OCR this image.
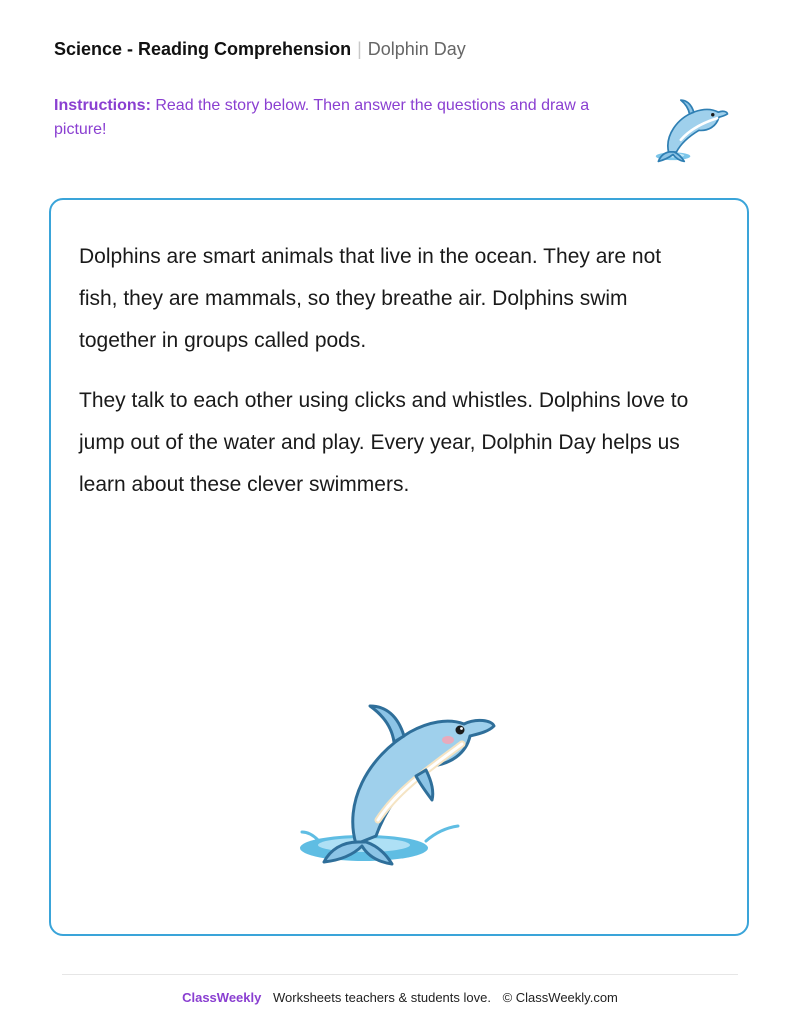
Science - Reading Comprehension | Dolphin Day
Instructions: Read the story below. Then answer the questions and draw a picture!

Dolphins are smart animals that live in the ocean. They are not fish, they are mammals, so they breathe air. Dolphins swim together in groups called pods.

They talk to each other using clicks and whistles. Dolphins love to jump out of the water and play. Every year, Dolphin Day helps us learn about these clever swimmers.

ClassWeekly Worksheets teachers & students love. © ClassWeekly.com
